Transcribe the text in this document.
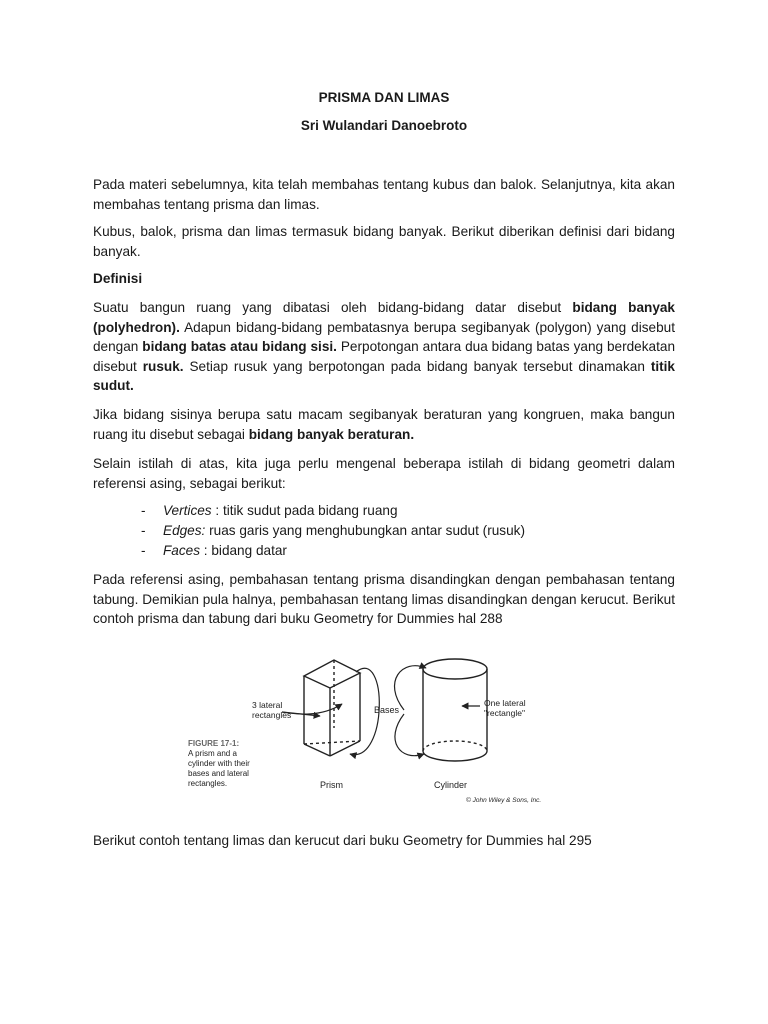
PRISMA DAN LIMAS
Sri Wulandari Danoebroto
Pada materi sebelumnya, kita telah membahas tentang kubus dan balok. Selanjutnya, kita akan membahas tentang prisma dan limas.
Kubus, balok, prisma dan limas termasuk bidang banyak. Berikut diberikan definisi dari bidang banyak.
Definisi
Suatu bangun ruang yang dibatasi oleh bidang-bidang datar disebut bidang banyak (polyhedron). Adapun bidang-bidang pembatasnya berupa segibanyak (polygon) yang disebut dengan bidang batas atau bidang sisi. Perpotongan antara dua bidang batas yang berdekatan disebut rusuk. Setiap rusuk yang berpotongan pada bidang banyak tersebut dinamakan titik sudut.
Jika bidang sisinya berupa satu macam segibanyak beraturan yang kongruen, maka bangun ruang itu disebut sebagai bidang banyak beraturan.
Selain istilah di atas, kita juga perlu mengenal beberapa istilah di bidang geometri dalam referensi asing, sebagai berikut:
- Vertices : titik sudut pada bidang ruang
- Edges: ruas garis yang menghubungkan antar sudut (rusuk)
- Faces : bidang datar
Pada referensi asing, pembahasan tentang prisma disandingkan dengan pembahasan tentang tabung. Demikian pula halnya, pembahasan tentang limas disandingkan dengan kerucut. Berikut contoh prisma dan tabung dari buku Geometry for Dummies hal 288
3 lateral
rectangles
FIGURE 17-1:
A prism and a
cylinder with their
bases and lateral
rectangles.
Bases
One lateral
"rectangle"
Prism	Cylinder
© John Wiley & Sons, Inc.
Berikut contoh tentang limas dan kerucut dari buku Geometry for Dummies hal 295
